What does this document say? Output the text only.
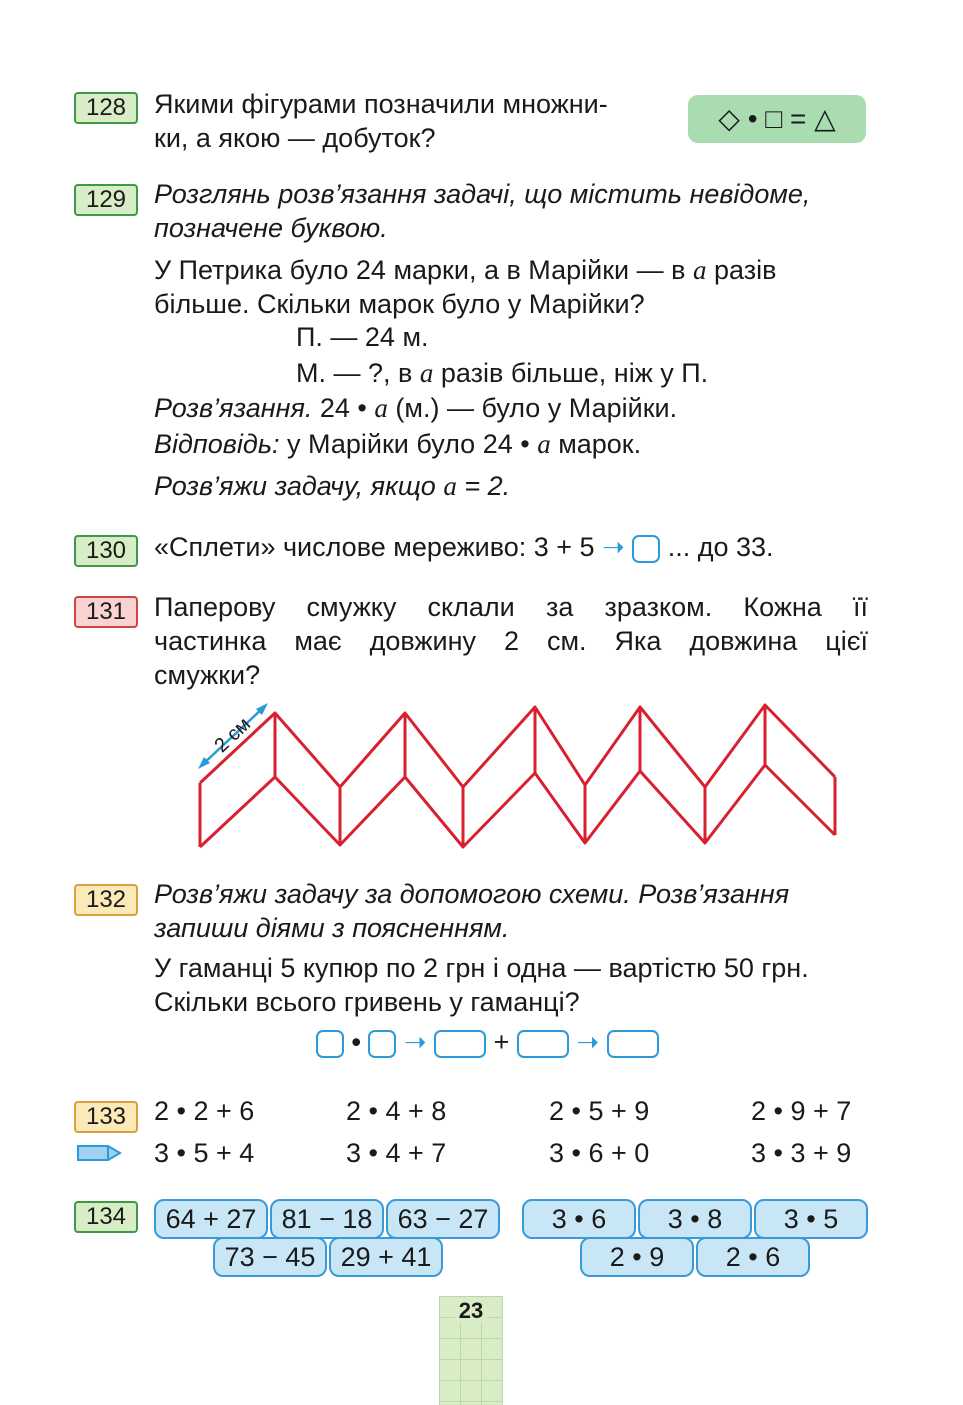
128	Якими фігурами позначили множни-
ки, а якою — добуток?
◇ • □ = △
129	Розглянь розв’язання задачі, що містить невідоме,
позначене буквою.
У Петрика було 24 марки, а в Марійки — в a разів
більше. Скільки марок було у Марійки?
П. — 24 м.
М. — ?, в a разів більше, ніж у П.
Розв’язання. 24 • a (м.) — було у Марійки.
Відповідь: у Марійки було 24 • a марок.
Розв’яжи задачу, якщо a = 2.
130	«Сплети» числове мереживо: 3 + 5 ➝  ... до 33.
131	Паперову смужку склали за зразком. Кожна її
частинка має довжину 2 см. Яка довжина цієї
смужки?
2 см
132	Розв’яжи задачу за допомогою схеми. Розв’язання
запиши діями з поясненням.
У гаманці 5 купюр по 2 грн і одна — вартістю 50 грн.
Скільки всього гривень у гаманці?
• ➝ + ➝
133	2 • 2 + 6	2 • 4 + 8	2 • 5 + 9	2 • 9 + 7
3 • 5 + 4	3 • 4 + 7	3 • 6 + 0	3 • 3 + 9
134	64 + 27 81 − 18 63 − 27
73 − 45 29 + 41
3 • 6	3 • 8	3 • 5
2 • 9	2 • 6
23
